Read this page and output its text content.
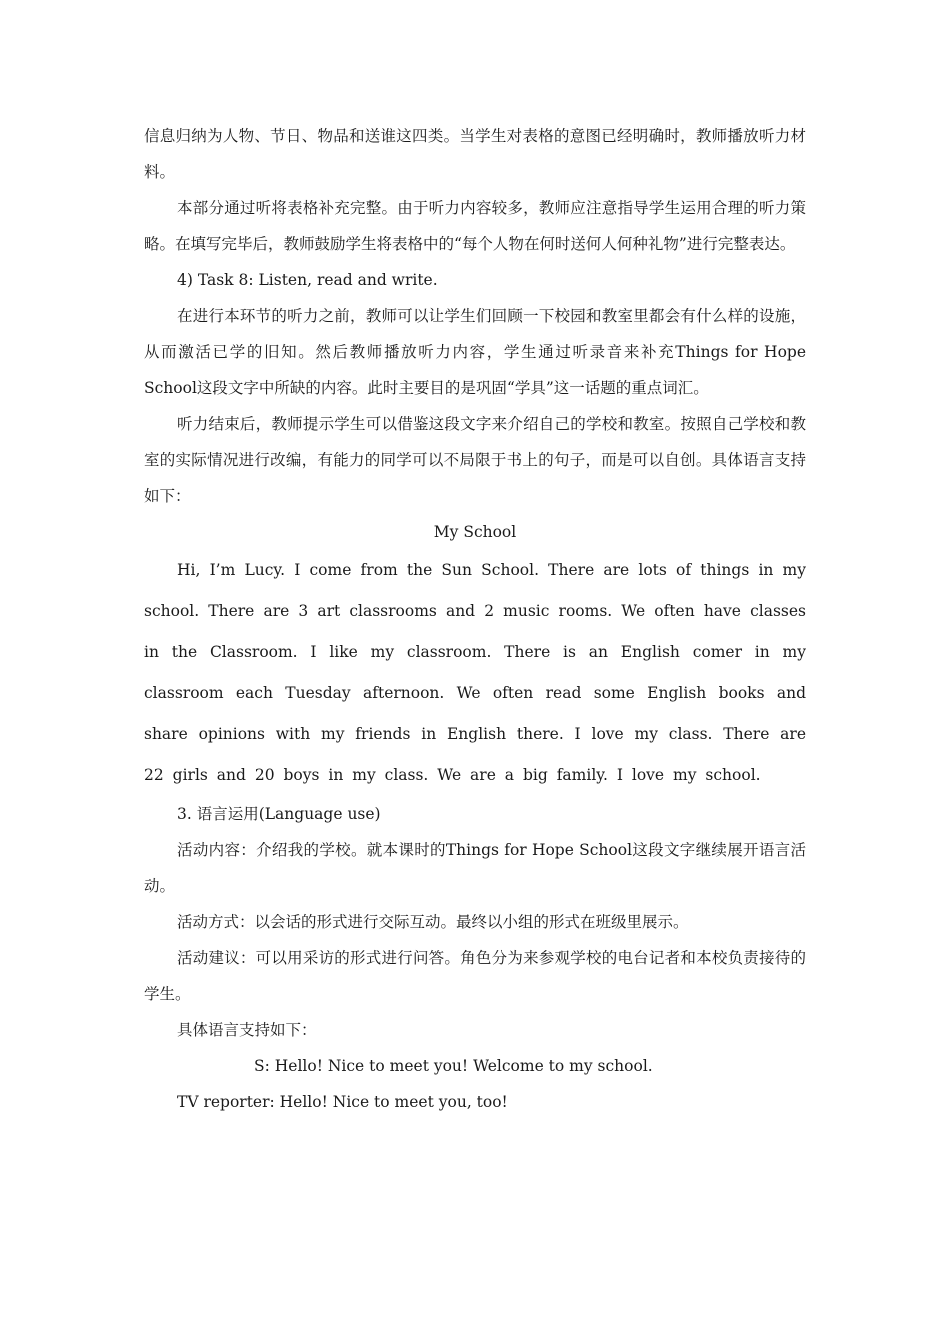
信息归纳为人物、节日、物品和送谁这四类。当学生对表格的意图已经明确时，教师播放听力材料。

本部分通过听将表格补充完整。由于听力内容较多，教师应注意指导学生运用合理的听力策略。在填写完毕后，教师鼓励学生将表格中的“每个人物在何时送何人何种礼物”进行完整表达。

4) Task 8: Listen, read and write.

在进行本环节的听力之前，教师可以让学生们回顾一下校园和教室里都会有什么样的设施，从而激活已学的旧知。然后教师播放听力内容，学生通过听录音来补充Things for Hope School这段文字中所缺的内容。此时主要目的是巩固“学具”这一话题的重点词汇。

听力结束后，教师提示学生可以借鉴这段文字来介绍自己的学校和教室。按照自己学校和教室的实际情况进行改编，有能力的同学可以不局限于书上的句子，而是可以自创。具体语言支持如下：

My School

Hi, I’m Lucy. I come from the Sun School. There are lots of things in my school. There are 3 art classrooms and 2 music rooms. We often have classes in the Classroom. I like my classroom. There is an English comer in my classroom each Tuesday afternoon. We often read some English books and share opinions with my friends in English there. I love my class. There are 22 girls and 20 boys in my class. We are a big family. I love my school.

3. 语言运用(Language use)

活动内容：介绍我的学校。就本课时的Things for Hope School这段文字继续展开语言活动。

活动方式：以会话的形式进行交际互动。最终以小组的形式在班级里展示。

活动建议：可以用采访的形式进行问答。角色分为来参观学校的电台记者和本校负责接待的学生。

具体语言支持如下：

S: Hello! Nice to meet you! Welcome to my school.

TV reporter: Hello! Nice to meet you, too!
